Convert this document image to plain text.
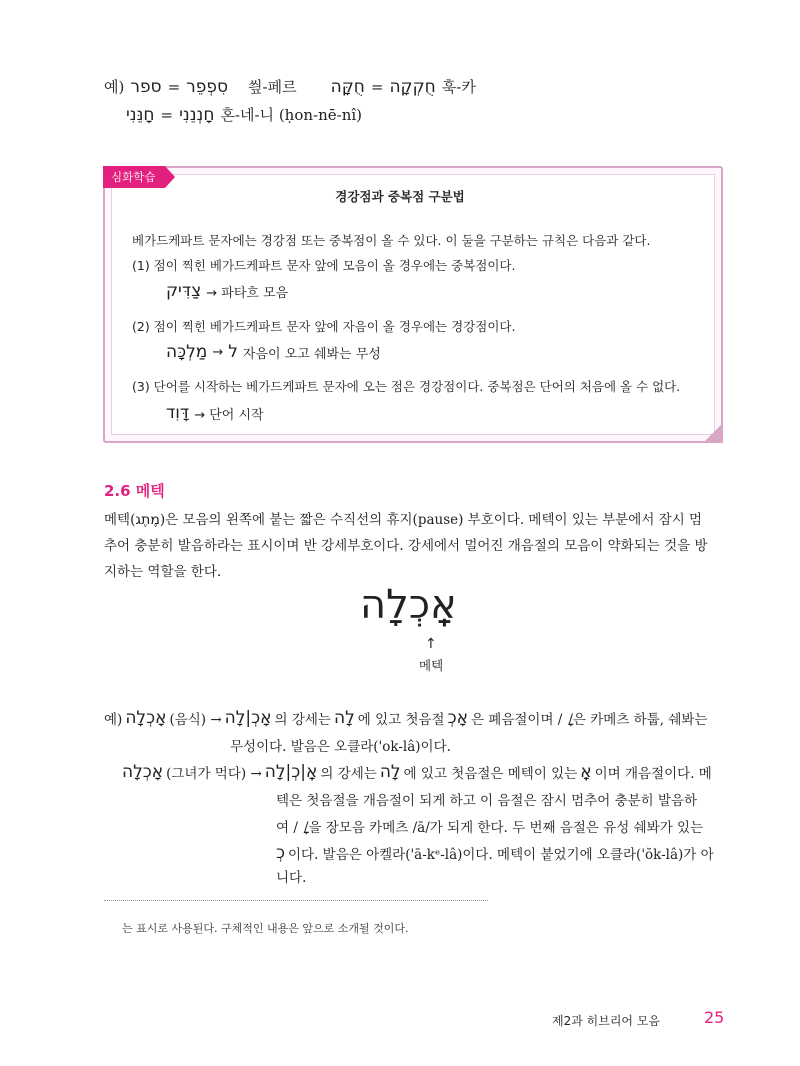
예) ספר = סִפְפֵר 씦-페르 חֻקָּה = חֻקְקָה 훅-카
חָנֵּנִי = חָנְנֵנִי 혼-네-니 (ḥon-nē-nî)
심화학습
경강점과 중복점 구분법
베가드케파트 문자에는 경강점 또는 중복점이 올 수 있다. 이 둘을 구분하는 규칙은 다음과 같다.
(1) 점이 찍힌 베가드케파트 문자 앞에 모음이 올 경우에는 중복점이다.
צַדִּיק → 파타흐 모음
(2) 점이 찍힌 베가드케파트 문자 앞에 자음이 올 경우에는 경강점이다.
מַלְכָּה → ל 자음이 오고 쉐봐는 무성
(3) 단어를 시작하는 베가드케파트 문자에 오는 점은 경강점이다. 중복점은 단어의 처음에 올 수 없다.
דָּוִד → 단어 시작
2.6 메텍
메텍(מֶתֶג)은 모음의 왼쪽에 붙는 짧은 수직선의 휴지(pause) 부호이다. 메텍이 있는 부분에서 잠시 멈추어 충분히 발음하라는 표시이며 반 강세부호이다. 강세에서 멀어진 개음절의 모음이 약화되는 것을 방지하는 역할을 한다.
אָֽכְלָה
↑
메텍
예) אָכְלָה (음식) → אָכְ|לָה 의 강세는 לָה 에 있고 첫음절 אָכְ 은 폐음절이며 / /은 카메츠 하툽, 쉐봐는
무성이다. 발음은 오클라('ok-lâ)이다.
אָכְלָה (그녀가 먹다) → אָֽ|כְ|לָה 의 강세는 לָה 에 있고 첫음절은 메텍이 있는 אָֽ 이며 개음절이다. 메
텍은 첫음절을 개음절이 되게 하고 이 음절은 잠시 멈추어 충분히 발음하
여 / /을 장모음 카메츠 /ā/가 되게 한다. 두 번째 음절은 유성 쉐봐가 있는
כְ 이다. 발음은 아켈라('ā-kᵉ-lâ)이다. 메텍이 붙었기에 오클라('ŏk-lâ)가 아
니다.
는 표시로 사용된다. 구체적인 내용은 앞으로 소개될 것이다.
제2과 히브리어 모음	25
